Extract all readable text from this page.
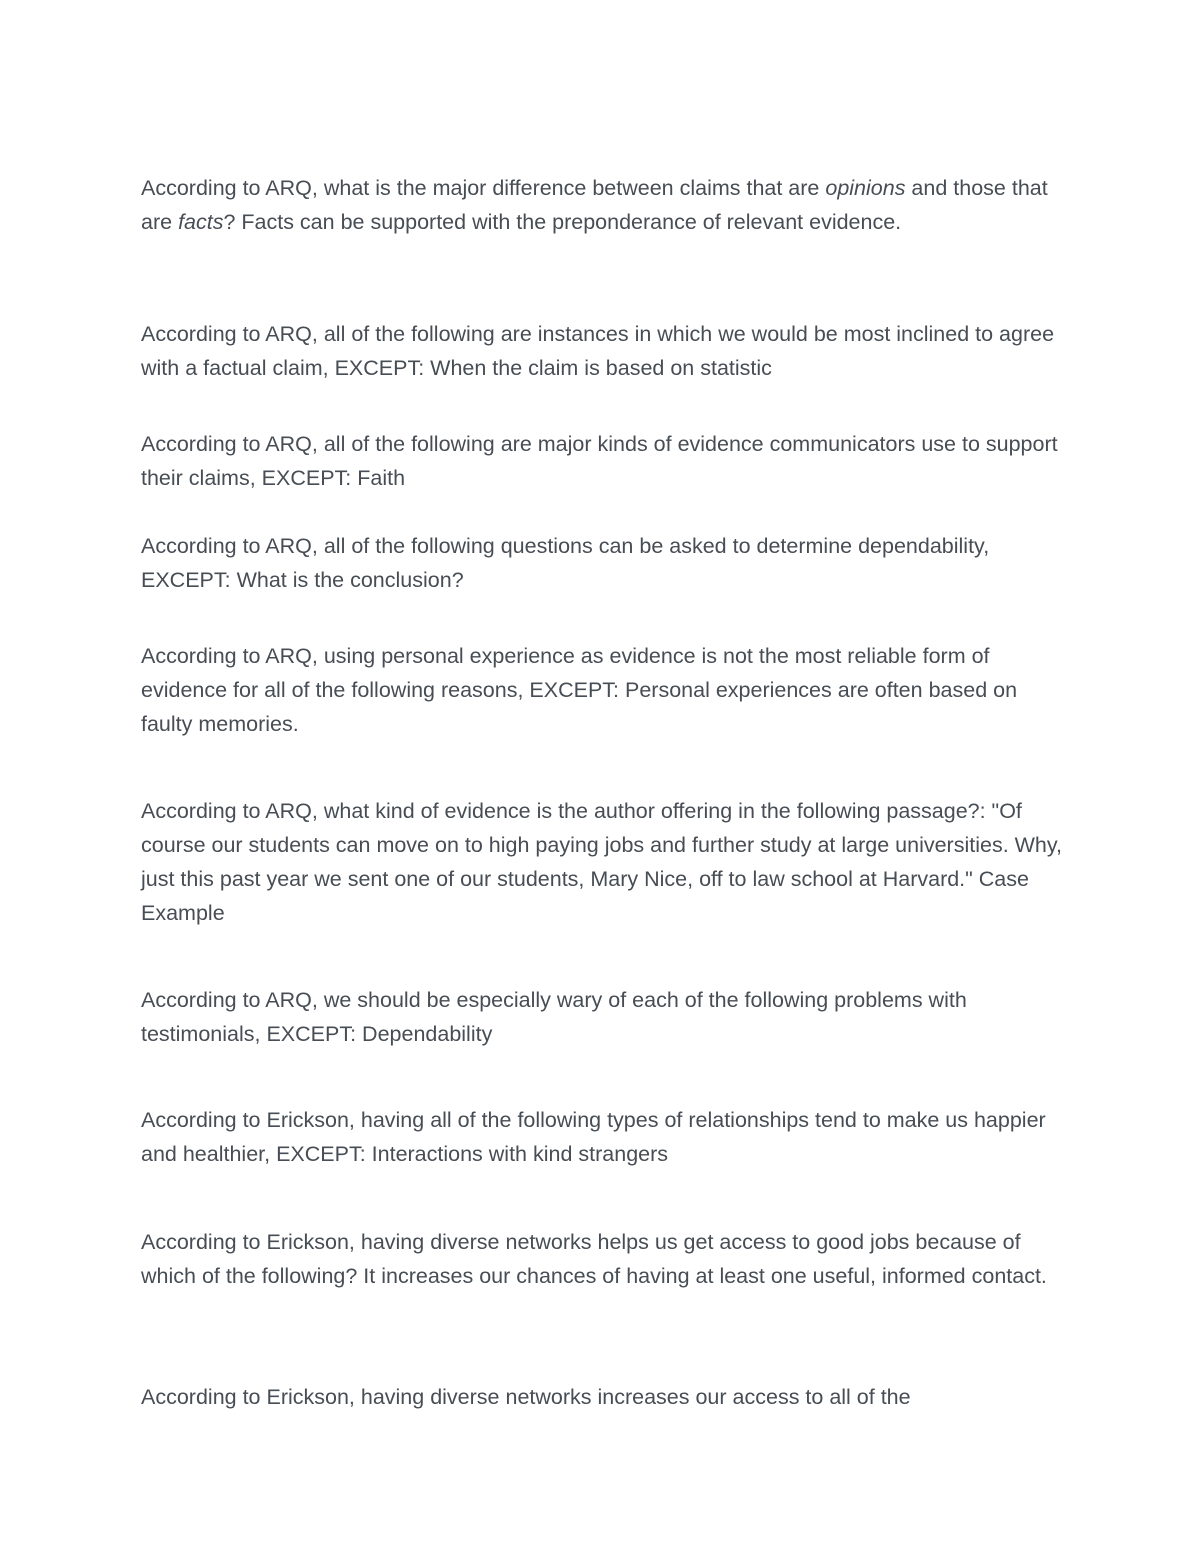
According to ARQ, what is the major difference between claims that are opinions and those that are facts? Facts can be supported with the preponderance of relevant evidence.

According to ARQ, all of the following are instances in which we would be most inclined to agree with a factual claim, EXCEPT: When the claim is based on statistic

According to ARQ, all of the following are major kinds of evidence communicators use to support their claims, EXCEPT: Faith

According to ARQ, all of the following questions can be asked to determine dependability, EXCEPT: What is the conclusion?

According to ARQ, using personal experience as evidence is not the most reliable form of evidence for all of the following reasons, EXCEPT: Personal experiences are often based on faulty memories.

According to ARQ, what kind of evidence is the author offering in the following passage?: "Of course our students can move on to high paying jobs and further study at large universities. Why, just this past year we sent one of our students, Mary Nice, off to law school at Harvard." Case Example

According to ARQ, we should be especially wary of each of the following problems with testimonials, EXCEPT: Dependability

According to Erickson, having all of the following types of relationships tend to make us happier and healthier, EXCEPT: Interactions with kind strangers

According to Erickson, having diverse networks helps us get access to good jobs because of which of the following? It increases our chances of having at least one useful, informed contact.

According to Erickson, having diverse networks increases our access to all of the
